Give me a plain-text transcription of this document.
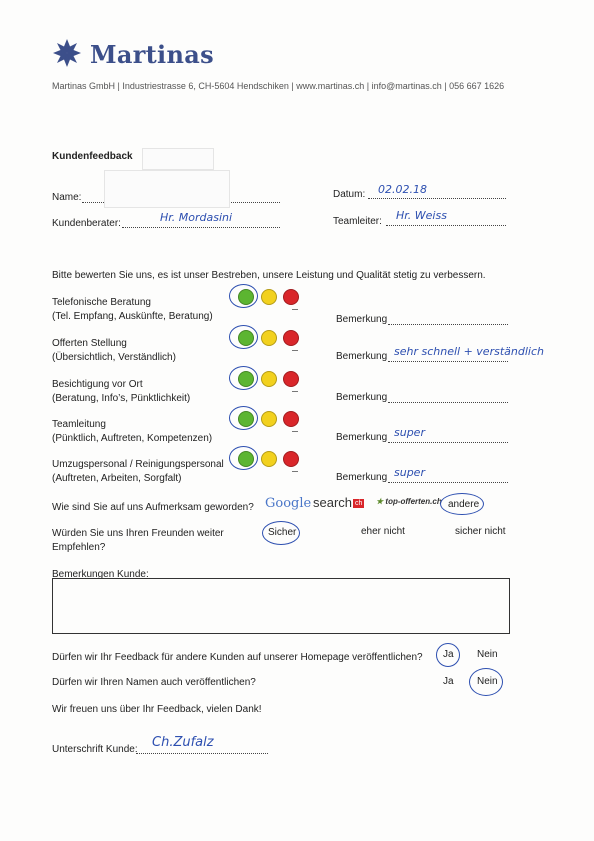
Martinas
Martinas GmbH | Industriestrasse 6, CH-5604 Hendschiken | www.martinas.ch | info@martinas.ch | 056 667 1626
Kundenfeedback
Name:	Datum: 02.02.18
Kundenberater:	Hr. Mordasini	Teamleiter: Hr. Weiss
Bitte bewerten Sie uns, es ist unser Bestreben, unsere Leistung und Qualität stetig zu verbessern.
Telefonische Beratung
(Tel. Empfang, Auskünfte, Beratung)	Bemerkung
Offerten Stellung
(Übersichtlich, Verständlich)	Bemerkung sehr schnell + verständlich
Besichtigung vor Ort
(Beratung, Info’s, Pünktlichkeit)	Bemerkung
Teamleitung
(Pünktlich, Auftreten, Kompetenzen)	Bemerkung super
Umzugspersonal / Reinigungspersonal
(Auftreten, Arbeiten, Sorgfalt)	Bemerkung super
Wie sind Sie auf uns Aufmerksam geworden? Google search ch ★ top-offerten.ch andere
Würden Sie uns Ihren Freunden weiter
Empfehlen?
Sicher	eher nicht	sicher nicht
Bemerkungen Kunde:
Dürfen wir Ihr Feedback für andere Kunden auf unserer Homepage veröffentlichen? Ja Nein
Dürfen wir Ihren Namen auch veröffentlichen?	Ja Nein
Wir freuen uns über Ihr Feedback, vielen Dank!
Unterschrift Kunde: Ch.Zufalz
